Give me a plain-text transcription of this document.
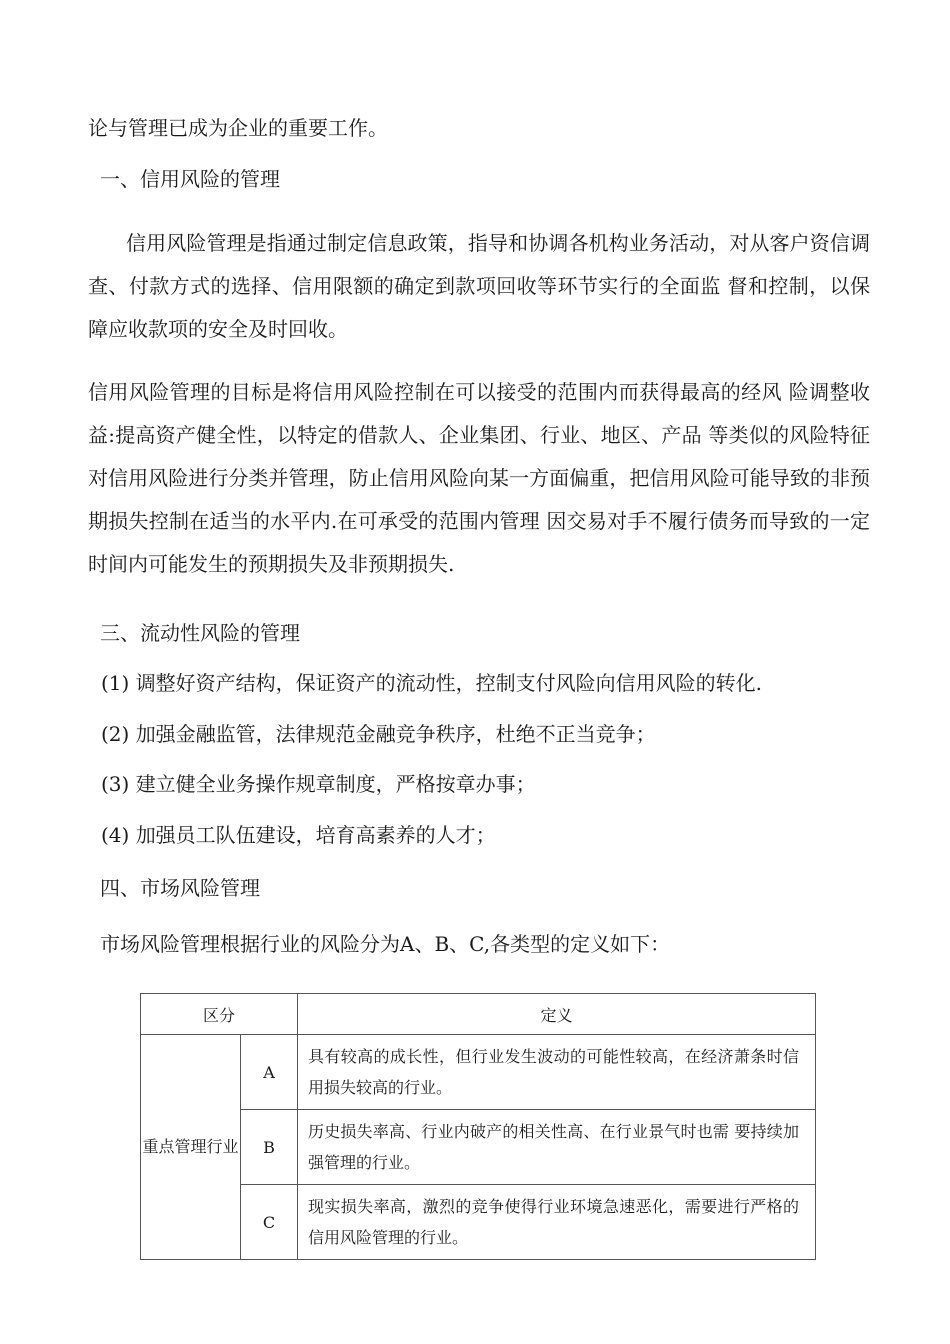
论与管理已成为企业的重要工作。
一、信用风险的管理
信用风险管理是指通过制定信息政策，指导和协调各机构业务活动，对从客户资信调查、付款方式的选择、信用限额的确定到款项回收等环节实行的全面监 督和控制，以保障应收款项的安全及时回收。
信用风险管理的目标是将信用风险控制在可以接受的范围内而获得最高的经风 险调整收益:提高资产健全性，以特定的借款人、企业集团、行业、地区、产品 等类似的风险特征对信用风险进行分类并管理，防止信用风险向某一方面偏重，把信用风险可能导致的非预期损失控制在适当的水平内.在可承受的范围内管理 因交易对手不履行债务而导致的一定时间内可能发生的预期损失及非预期损失.
三、流动性风险的管理
(1) 调整好资产结构，保证资产的流动性，控制支付风险向信用风险的转化.
(2) 加强金融监管，法律规范金融竞争秩序，杜绝不正当竞争；
(3) 建立健全业务操作规章制度，严格按章办事；
(4) 加强员工队伍建设，培育高素养的人才；
四、市场风险管理
市场风险管理根据行业的风险分为A、B、C,各类型的定义如下：
区分		定义
重点管理行业	A	具有较高的成长性，但行业发生波动的可能性较高，在经济萧条时信用损失较高的行业。
	B	历史损失率高、行业内破产的相关性高、在行业景气时也需 要持续加强管理的行业。
	C	现实损失率高，激烈的竞争使得行业环境急速恶化，需要进行严格的信用风险管理的行业。
